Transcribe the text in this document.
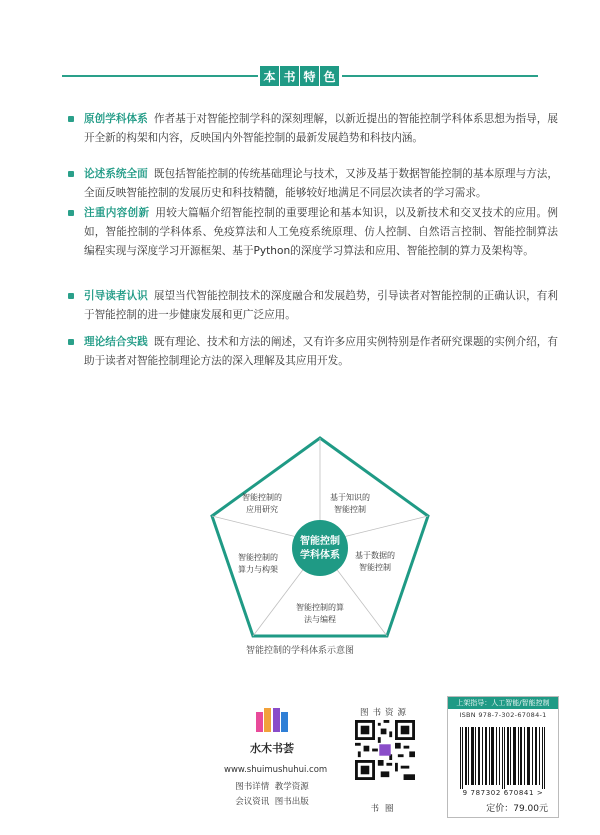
本 书 特 色
原创学科体系 作者基于对智能控制学科的深刻理解，以新近提出的智能控制学科体系思想为指导，展开全新的构架和内容，反映国内外智能控制的最新发展趋势和科技内涵。
论述系统全面 既包括智能控制的传统基础理论与技术，又涉及基于数据智能控制的基本原理与方法，全面反映智能控制的发展历史和科技精髓，能够较好地满足不同层次读者的学习需求。
注重内容创新 用较大篇幅介绍智能控制的重要理论和基本知识，以及新技术和交叉技术的应用。例如，智能控制的学科体系、免疫算法和人工免疫系统原理、仿人控制、自然语言控制、智能控制算法编程实现与深度学习开源框架、基于Python的深度学习算法和应用、智能控制的算力及架构等。
引导读者认识 展望当代智能控制技术的深度融合和发展趋势，引导读者对智能控制的正确认识，有利于智能控制的进一步健康发展和更广泛应用。
理论结合实践 既有理论、技术和方法的阐述，又有许多应用实例特别是作者研究课题的实例介绍，有助于读者对智能控制理论方法的深入理解及其应用开发。
智能控制
学科体系
智能控制的
应用研究
基于知识的
智能控制
基于数据的
智能控制
智能控制的算
法与编程
智能控制的
算力与构架
智能控制的学科体系示意图
水木书荟
www.shuimushuhui.com
图书详情 教学资源
会议资讯 图书出版
图书资源
书圈
上架指导：人工智能/智能控制
ISBN 978-7-302-67084-1
9 787302 670841 >
定价：79.00元
